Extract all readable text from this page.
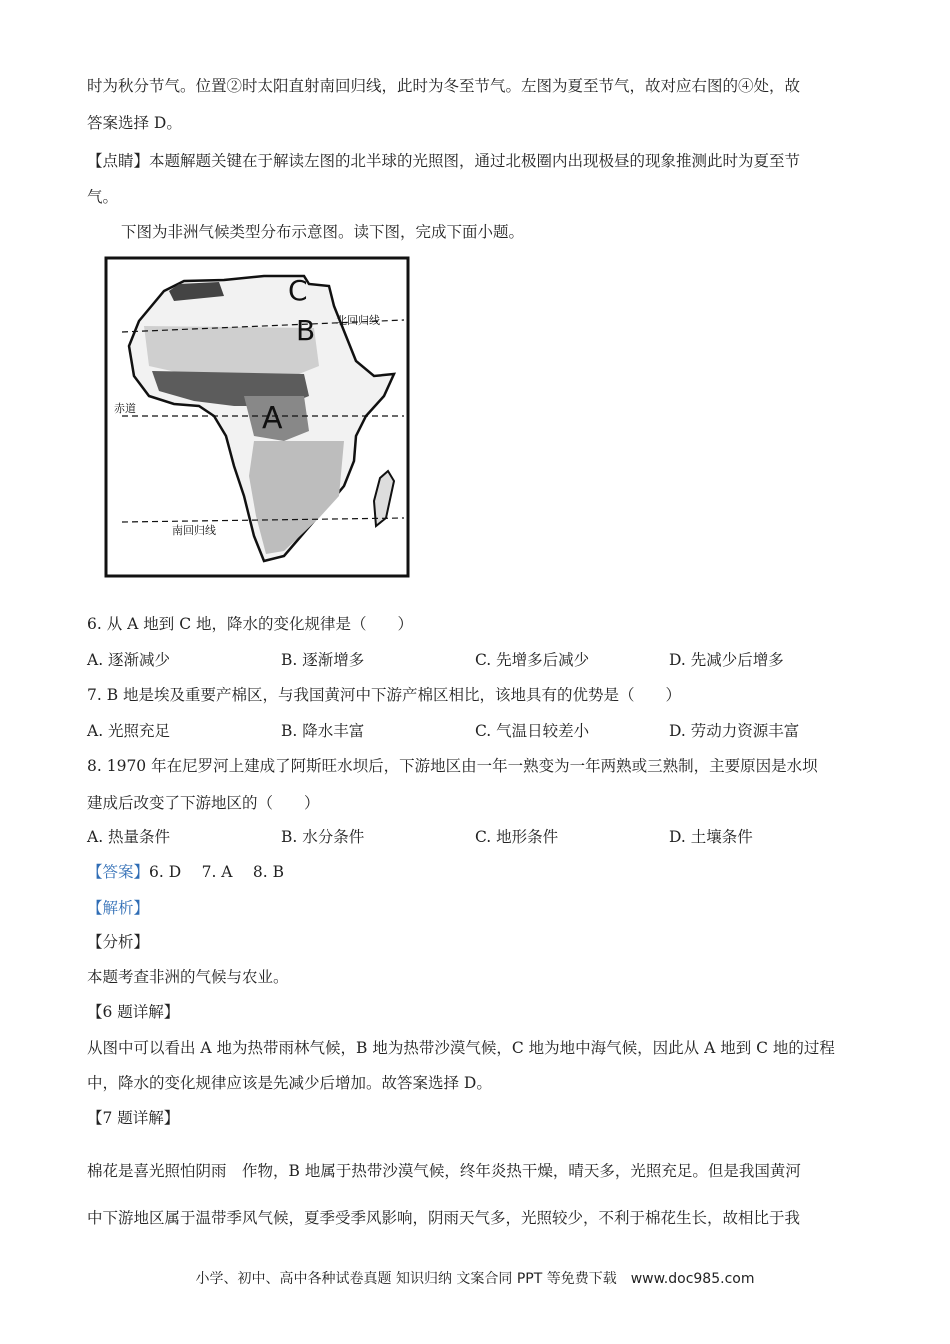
时为秋分节气。位置②时太阳直射南回归线，此时为冬至节气。左图为夏至节气，故对应右图的④处，故
答案选择 D。
【点睛】本题解题关键在于解读左图的北半球的光照图，通过北极圈内出现极昼的现象推测此时为夏至节
气。
下图为非洲气候类型分布示意图。读下图，完成下面小题。
北回归线
赤道
南回归线
A
B
C
6. 从 A 地到 C 地，降水的变化规律是（　　）
A. 逐渐减少	B. 逐渐增多	C. 先增多后减少	D. 先减少后增多
7. B 地是埃及重要产棉区，与我国黄河中下游产棉区相比，该地具有的优势是（　　）
A. 光照充足	B. 降水丰富	C. 气温日较差小	D. 劳动力资源丰富
8. 1970 年在尼罗河上建成了阿斯旺水坝后，下游地区由一年一熟变为一年两熟或三熟制，主要原因是水坝
建成后改变了下游地区的（　　）
A. 热量条件	B. 水分条件	C. 地形条件	D. 土壤条件
【答案】6. D　 7. A　 8. B
【解析】
【分析】
本题考查非洲的气候与农业。
【6 题详解】
从图中可以看出 A 地为热带雨林气候，B 地为热带沙漠气候，C 地为地中海气候，因此从 A 地到 C 地的过程
中，降水的变化规律应该是先减少后增加。故答案选择 D。
【7 题详解】
棉花是喜光照怕阴雨　作物，B 地属于热带沙漠气候，终年炎热干燥，晴天多，光照充足。但是我国黄河
中下游地区属于温带季风气候，夏季受季风影响，阴雨天气多，光照较少，不利于棉花生长，故相比于我
小学、初中、高中各种试卷真题 知识归纳 文案合同 PPT 等免费下载　www.doc985.com
